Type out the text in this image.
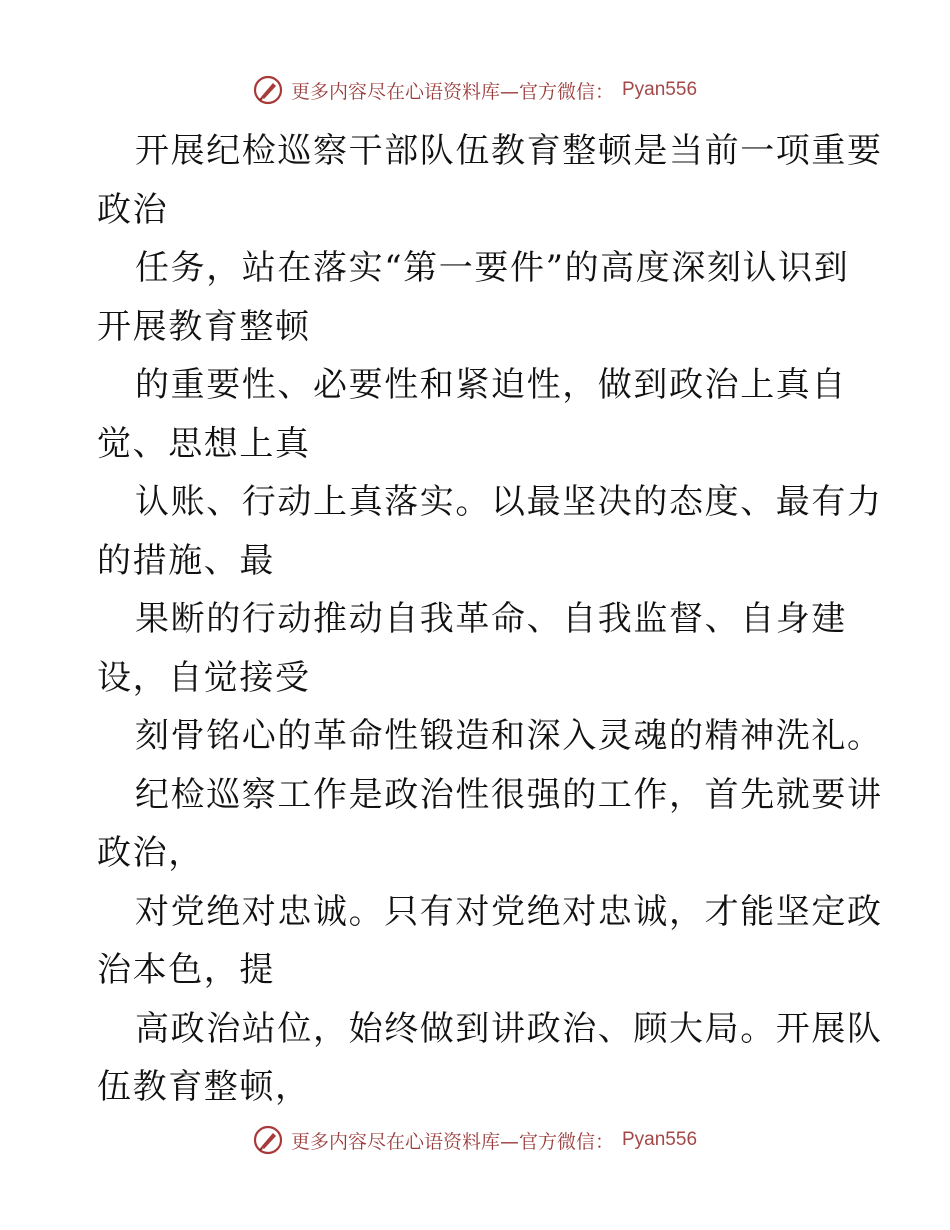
更多内容尽在心语资料库—官方微信： Pyan556
开展纪检巡察干部队伍教育整顿是当前一项重要
政治
任务，站在落实“第一要件”的高度深刻认识到
开展教育整顿
的重要性、必要性和紧迫性，做到政治上真自
觉、思想上真
认账、行动上真落实。以最坚决的态度、最有力
的措施、最
果断的行动推动自我革命、自我监督、自身建
设，自觉接受
刻骨铭心的革命性锻造和深入灵魂的精神洗礼。
纪检巡察工作是政治性很强的工作，首先就要讲
政治，
对党绝对忠诚。只有对党绝对忠诚，才能坚定政
治本色，提
高政治站位，始终做到讲政治、顾大局。开展队
伍教育整顿，
更多内容尽在心语资料库—官方微信： Pyan556
